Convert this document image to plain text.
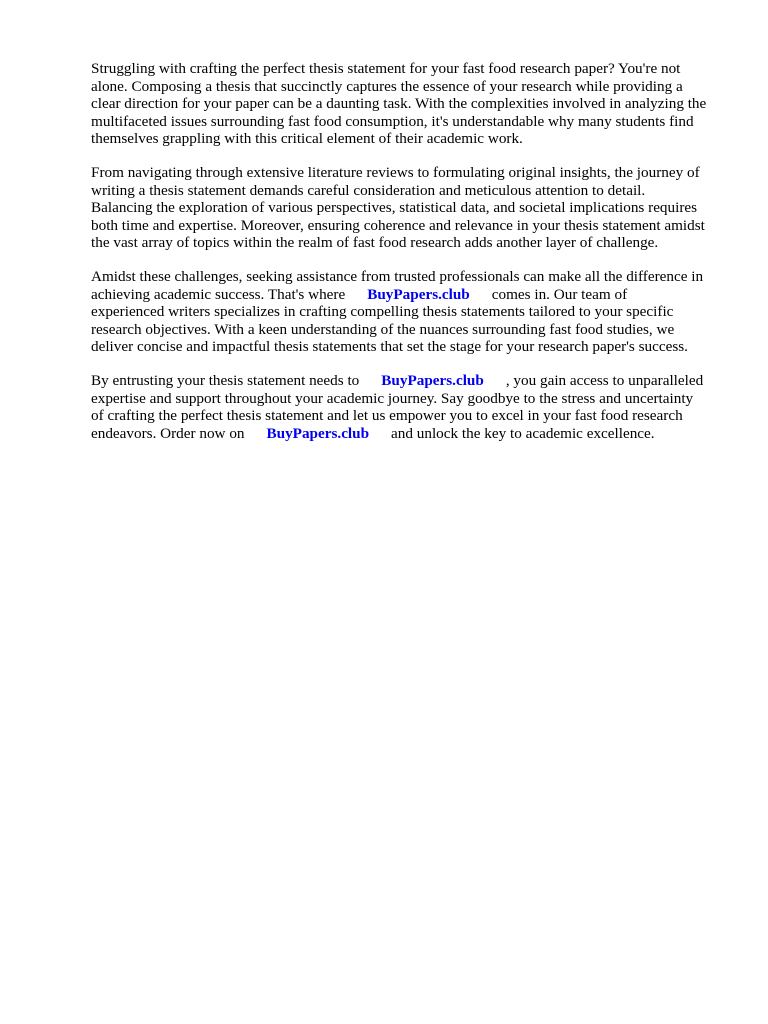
Struggling with crafting the perfect thesis statement for your fast food research paper? You're not
alone. Composing a thesis that succinctly captures the essence of your research while providing a
clear direction for your paper can be a daunting task. With the complexities involved in analyzing the
multifaceted issues surrounding fast food consumption, it's understandable why many students find
themselves grappling with this critical element of their academic work.
From navigating through extensive literature reviews to formulating original insights, the journey of
writing a thesis statement demands careful consideration and meticulous attention to detail.
Balancing the exploration of various perspectives, statistical data, and societal implications requires
both time and expertise. Moreover, ensuring coherence and relevance in your thesis statement amidst
the vast array of topics within the realm of fast food research adds another layer of challenge.
Amidst these challenges, seeking assistance from trusted professionals can make all the difference in
achieving academic success. That's where BuyPapers.club comes in. Our team of
experienced writers specializes in crafting compelling thesis statements tailored to your specific
research objectives. With a keen understanding of the nuances surrounding fast food studies, we
deliver concise and impactful thesis statements that set the stage for your research paper's success.
By entrusting your thesis statement needs to BuyPapers.club , you gain access to unparalleled
expertise and support throughout your academic journey. Say goodbye to the stress and uncertainty
of crafting the perfect thesis statement and let us empower you to excel in your fast food research
endeavors. Order now on BuyPapers.club and unlock the key to academic excellence.
